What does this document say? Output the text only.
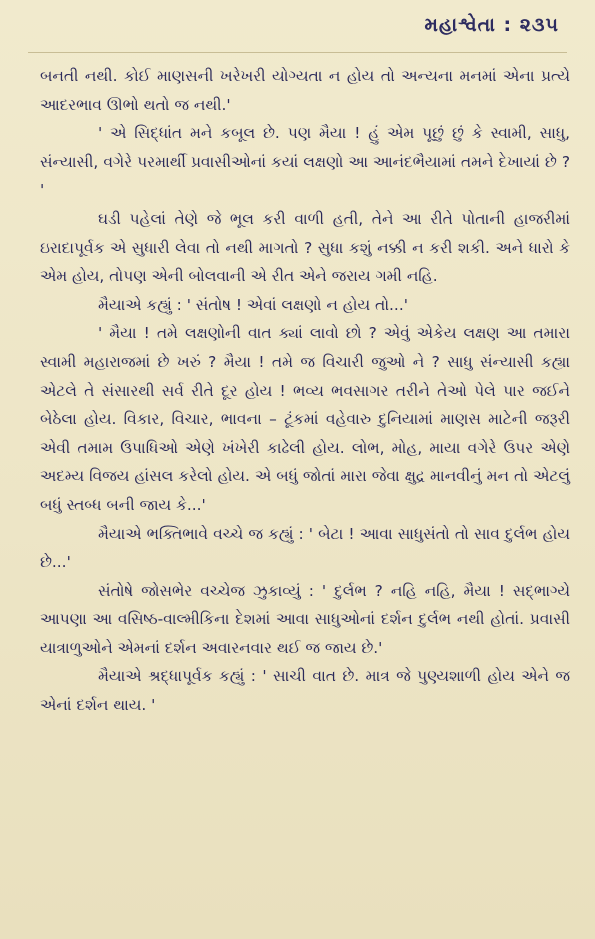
મહાશ્વેતા : ૨૩૫

બનતી નથી. કોઈ માણસની ખરેખરી યોગ્યતા ન હોય તો અન્યના મનમાં એના પ્રત્યે આદરભાવ ઊભો થતો જ નથી.'

' એ સિદ્ધાંત મને કબૂલ છે. પણ મૈયા ! હું એમ પૂછું છું કે સ્વામી, સાધુ, સંન્યાસી, વગેરે પરમાર્થી પ્રવાસીઓનાં કયાં લક્ષણો આ આનંદભૈયામાં તમને દેખાયાં છે ? '

ઘડી પહેલાં તેણે જે ભૂલ કરી વાળી હતી, તેને આ રીતે પોતાની હાજરીમાં ઇરાદાપૂર્વક એ સુધારી લેવા તો નથી માગતો ? સુધા કશું નક્કી ન કરી શકી. અને ધારો કે એમ હોય, તોપણ એની બોલવાની એ રીત એને જરાય ગમી નહિ.

મૈયાએ કહ્યું : ' સંતોષ ! એવાં લક્ષણો ન હોય તો...'

' મૈયા ! તમે લક્ષણોની વાત ક્યાં લાવો છો ? એવું એકેય લક્ષણ આ તમારા સ્વામી મહારાજમાં છે ખરું ? મૈયા ! તમે જ વિચારી જુઓ ને ? સાધુ સંન્યાસી કહ્યા એટલે તે સંસારથી સર્વ રીતે દૂર હોય ! ભવ્ય ભવસાગર તરીને તેઓ પેલે પાર જઈને બેઠેલા હોય. વિકાર, વિચાર, ભાવના – ટૂંકમાં વહેવારુ દુનિયામાં માણસ માટેની જરૂરી એવી તમામ ઉપાધિઓ એણે ખંખેરી કાઢેલી હોય. લોભ, મોહ, માયા વગેરે ઉપર એણે અદમ્ય વિજય હાંસલ કરેલો હોય. એ બધું જોતાં મારા જેવા ક્ષુદ્ર માનવીનું મન તો એટલું બધું સ્તબ્ધ બની જાય કે...'

મૈયાએ ભક્તિભાવે વચ્ચે જ કહ્યું : ' બેટા ! આવા સાધુસંતો તો સાવ દુર્લભ હોય છે...'

સંતોષે જોસભેર વચ્ચેજ ઝુકાવ્યું : ' દુર્લભ ? નહિ નહિ, મૈયા ! સદ્ભાગ્યે આપણા આ વસિષ્ઠ-વાલ્મીકિના દેશમાં આવા સાધુઓનાં દર્શન દુર્લભ નથી હોતાં. પ્રવાસી યાત્રાળુઓને એમનાં દર્શન અવારનવાર થઈ જ જાય છે.'

મૈયાએ શ્રદ્ધાપૂર્વક કહ્યું : ' સાચી વાત છે. માત્ર જે પુણ્યશાળી હોય એને જ એનાં દર્શન થાય. '
